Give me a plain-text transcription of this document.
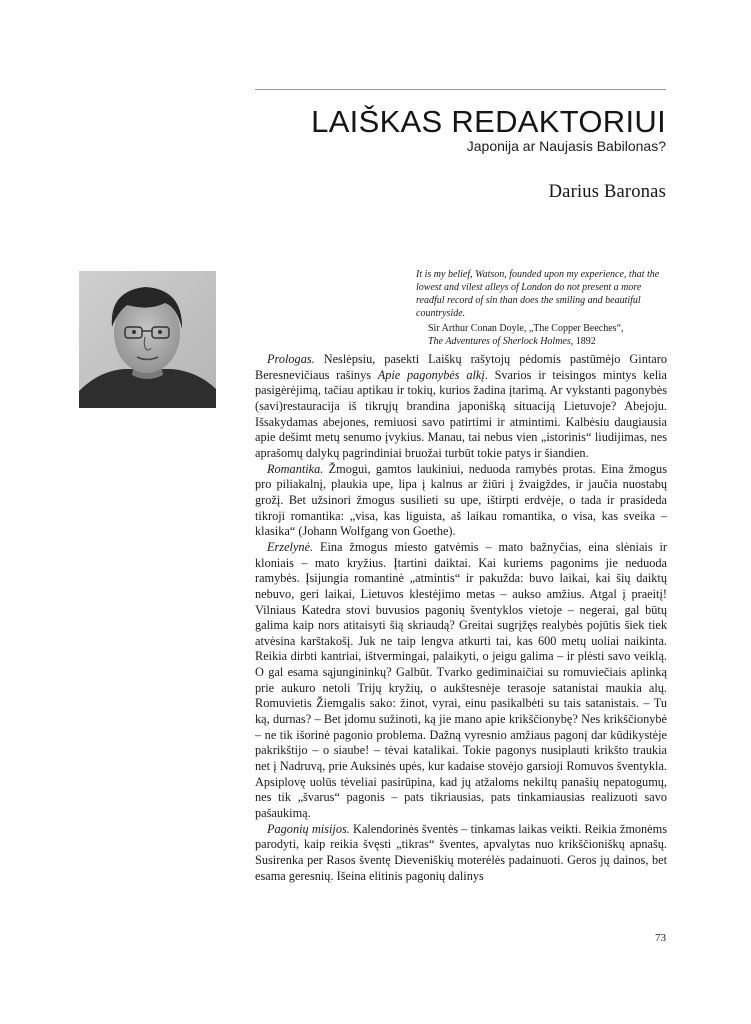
LAIŠKAS REDAKTORIUI
Japonija ar Naujasis Babilonas?
Darius Baronas

It is my belief, Watson, founded upon my experience, that the lowest and vilest alleys of London do not present a more readful record of sin than does the smiling and beautiful countryside.

Sir Arthur Conan Doyle, „The Copper Beeches“,
The Adventures of Sherlock Holmes, 1892

Prologas. Neslėpsiu, pasekti Laiškų rašytojų pėdomis pastūmėjo Gintaro Beresnevičiaus rašinys Apie pagonybės alkį. Svarios ir teisingos mintys kelia pasigėrėjimą, tačiau aptikau ir tokių, kurios žadina įtarimą. Ar vykstanti pagonybės (savi)restauracija iš tikrųjų brandina japonišką situaciją Lietuvoje? Abejoju. Išsakydamas abejones, remiuosi savo patirtimi ir atmintimi. Kalbėsiu daugiausia apie dešimt metų senumo įvykius. Manau, tai nebus vien „istorinis“ liudijimas, nes aprašomų dalykų pagrindiniai bruožai turbūt tokie patys ir šiandien.

Romantika. Žmogui, gamtos laukiniui, neduoda ramybės protas. Eina žmogus pro piliakalnį, plaukia upe, lipa į kalnus ar žiūri į žvaigždes, ir jaučia nuostabų grožį. Bet užsinori žmogus susilieti su upe, ištirpti erdvėje, o tada ir prasideda tikroji romantika: „visa, kas liguista, aš laikau romantika, o visa, kas sveika – klasika“ (Johann Wolfgang von Goethe).

Erzelynė. Eina žmogus miesto gatvėmis – mato bažnyčias, eina slėniais ir kloniais – mato kryžius. Įtartini daiktai. Kai kuriems pagonims jie neduoda ramybės. Įsijungia romantinė „atmintis“ ir pakužda: buvo laikai, kai šių daiktų nebuvo, geri laikai, Lietuvos klestėjimo metas – aukso amžius. Atgal į praeitį! Vilniaus Katedra stovi buvusios pagonių šventyklos vietoje – negerai, gal būtų galima kaip nors atitaisyti šią skriaudą? Greitai sugrįžęs realybės pojūtis šiek tiek atvėsina karštakošį. Juk ne taip lengva atkurti tai, kas 600 metų uoliai naikinta. Reikia dirbti kantriai, ištvermingai, palaikyti, o jeigu galima – ir plėsti savo veiklą. O gal esama sąjungininkų? Galbūt. Tvarko gediminaičiai su romuviečiais aplinką prie aukuro netoli Trijų kryžių, o aukštesnėje terasoje satanistai maukia alų. Romuvietis Žiemgalis sako: žinot, vyrai, einu pasikalbėti su tais satanistais. – Tu ką, durnas? – Bet įdomu sužinoti, ką jie mano apie krikščionybę? Nes krikščionybė – ne tik išorinė pagonio problema. Dažną vyresnio amžiaus pagonį dar kūdikystėje pakrikštijo – o siaube! – tėvai katalikai. Tokie pagonys nusiplauti krikšto traukia net į Nadruvą, prie Auksinės upės, kur kadaise stovėjo garsioji Romuvos šventykla. Apsiplovę uolūs tėveliai pasirūpina, kad jų atžaloms nekiltų panašių nepatogumų, nes tik „švarus“ pagonis – pats tikriausias, pats tinkamiausias realizuoti savo pašaukimą.

Pagonių misijos. Kalendorinės šventės – tinkamas laikas veikti. Reikia žmonėms parodyti, kaip reikia švęsti „tikras“ šventes, apvalytas nuo krikščioniškų apnašų. Susirenka per Rasos šventę Dieveniškių moterėlės padainuoti. Geros jų dainos, bet esama geresnių. Išeina elitinis pagonių dalinys

73
